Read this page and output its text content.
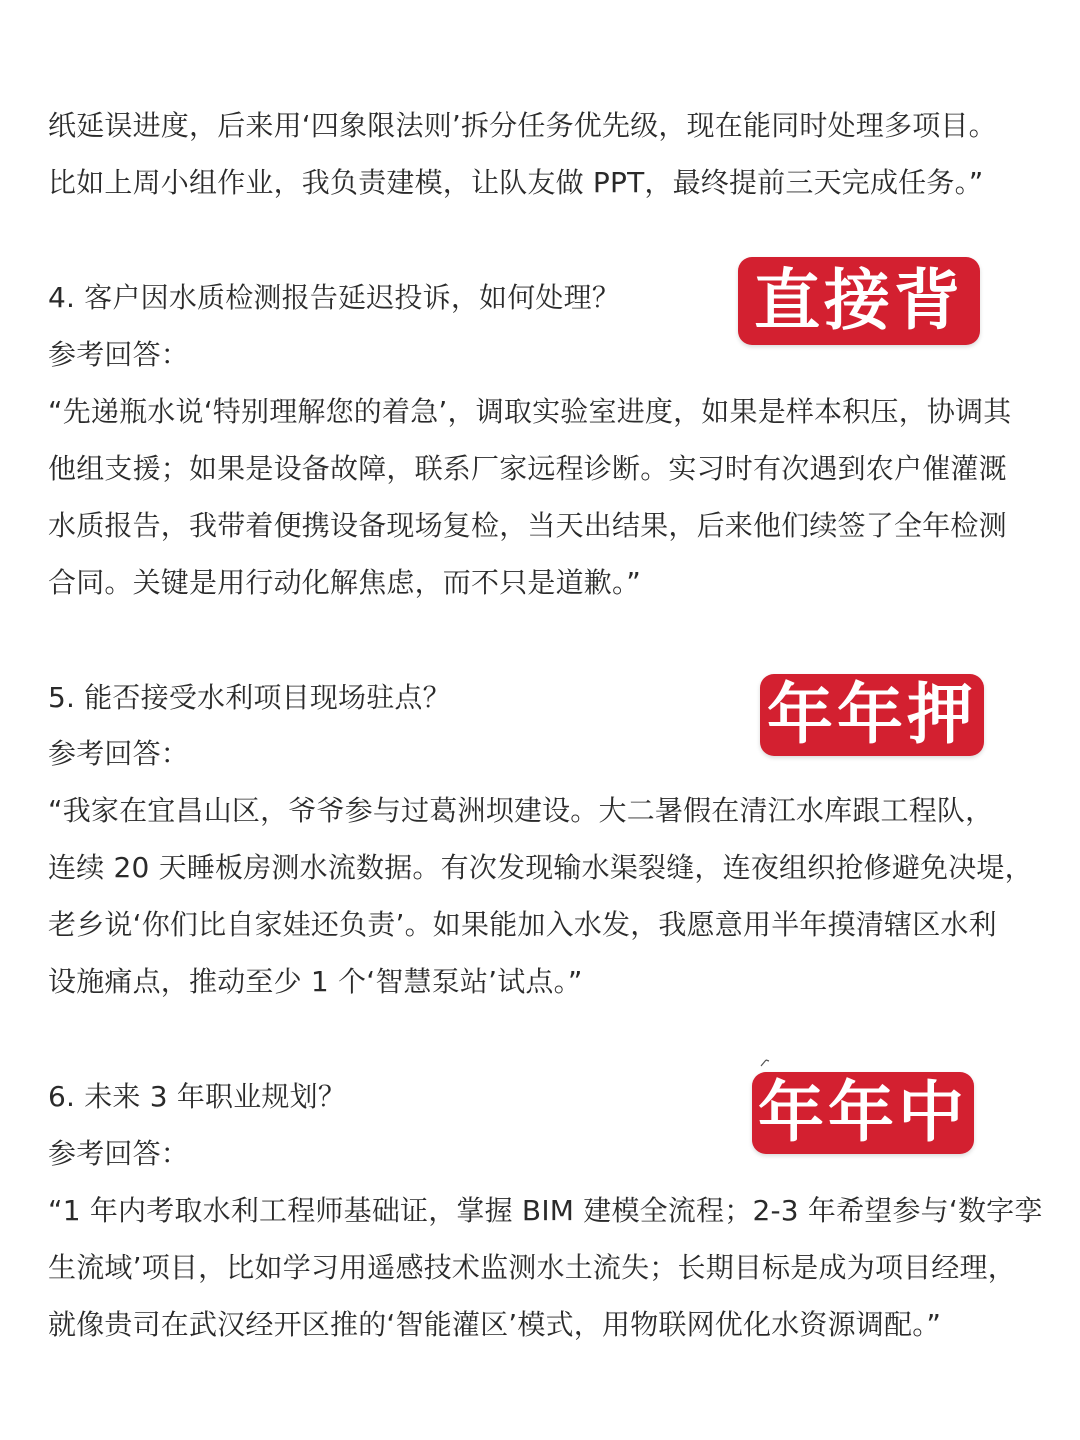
纸延误进度，后来用‘四象限法则’拆分任务优先级，现在能同时处理多项目。

比如上周小组作业，我负责建模，让队友做 PPT，最终提前三天完成任务。”

4. 客户因水质检测报告延迟投诉，如何处理？ 直接背

参考回答：

“先递瓶水说‘特别理解您的着急’，调取实验室进度，如果是样本积压，协调其

他组支援；如果是设备故障，联系厂家远程诊断。实习时有次遇到农户催灌溉

水质报告，我带着便携设备现场复检，当天出结果，后来他们续签了全年检测

合同。关键是用行动化解焦虑，而不只是道歉。”

5. 能否接受水利项目现场驻点？	年年押

参考回答：

“我家在宜昌山区，爷爷参与过葛洲坝建设。大二暑假在清江水库跟工程队，

连续 20 天睡板房测水流数据。有次发现输水渠裂缝，连夜组织抢修避免决堤，

老乡说‘你们比自家娃还负责’。如果能加入水发，我愿意用半年摸清辖区水利

设施痛点，推动至少 1 个‘智慧泵站’试点。”

6. 未来 3 年职业规划？	年年中

参考回答：

“1 年内考取水利工程师基础证，掌握 BIM 建模全流程；2-3 年希望参与‘数字孪

生流域’项目，比如学习用遥感技术监测水土流失；长期目标是成为项目经理，

就像贵司在武汉经开区推的‘智能灌区’模式，用物联网优化水资源调配。”
